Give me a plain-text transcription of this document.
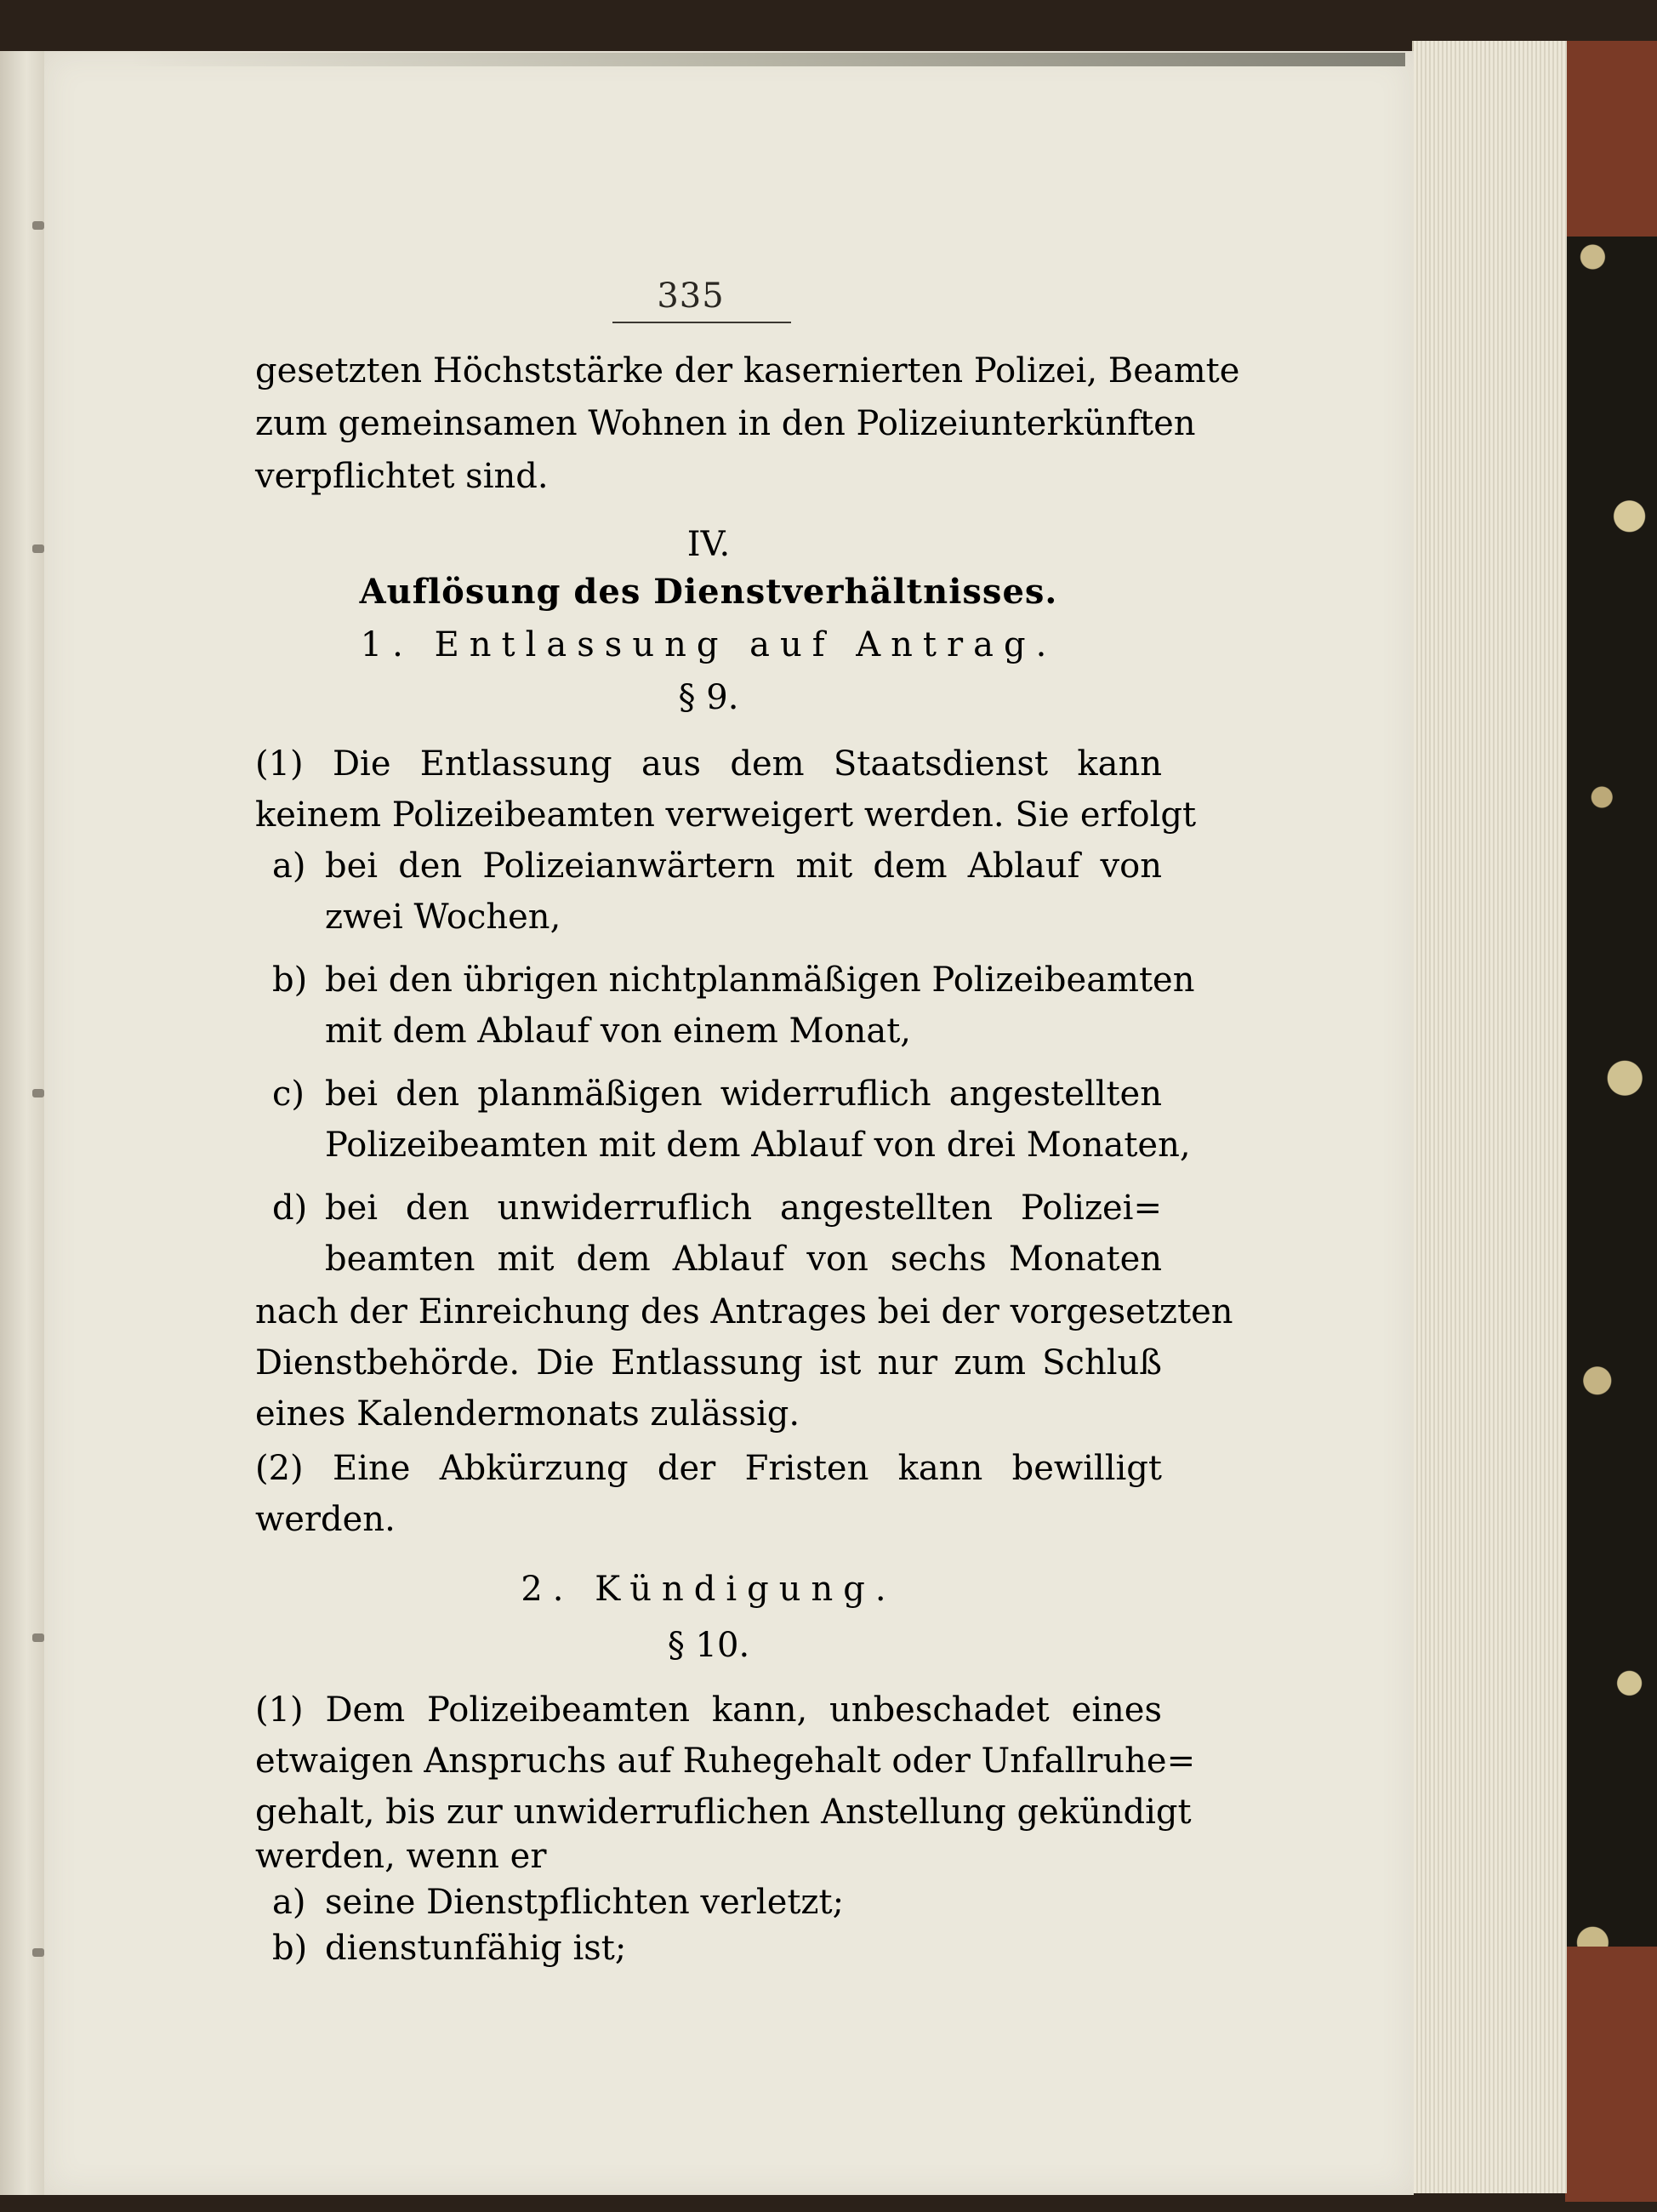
335
gesetzten Höchststärke der kasernierten Polizei, Beamte
zum gemeinsamen Wohnen in den Polizeiunterkünften
verpflichtet sind.
IV.
Auflösung des Dienstverhältnisses.
1. Entlassung auf Antrag.
§ 9.
(1) Die Entlassung aus dem Staatsdienst kann
keinem Polizeibeamten verweigert werden. Sie erfolgt
a) bei den Polizeianwärtern mit dem Ablauf von
zwei Wochen,
b) bei den übrigen nichtplanmäßigen Polizeibeamten
mit dem Ablauf von einem Monat,
c) bei den planmäßigen widerruflich angestellten
Polizeibeamten mit dem Ablauf von drei Monaten,
d) bei den unwiderruflich angestellten Polizei=
beamten mit dem Ablauf von sechs Monaten
nach der Einreichung des Antrages bei der vorgesetzten
Dienstbehörde. Die Entlassung ist nur zum Schluß
eines Kalendermonats zulässig.
(2) Eine Abkürzung der Fristen kann bewilligt
werden.
2. Kündigung.
§ 10.
(1) Dem Polizeibeamten kann, unbeschadet eines
etwaigen Anspruchs auf Ruhegehalt oder Unfallruhe=
gehalt, bis zur unwiderruflichen Anstellung gekündigt
werden, wenn er
a) seine Dienstpflichten verletzt;
b) dienstunfähig ist;
